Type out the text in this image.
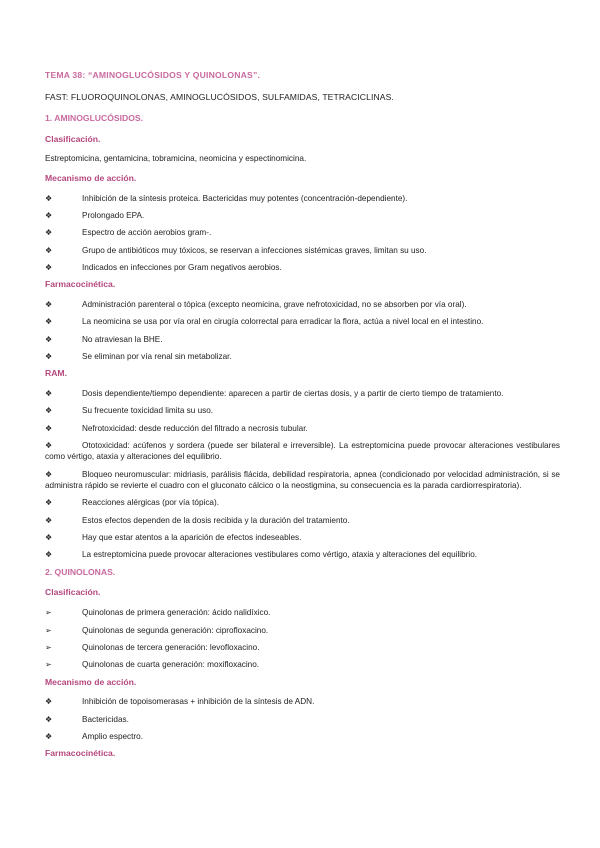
TEMA 38: “AMINOGLUCÓSIDOS Y QUINOLONAS”.
FAST: FLUOROQUINOLONAS, AMINOGLUCÓSIDOS, SULFAMIDAS, TETRACICLINAS.
1. AMINOGLUCÓSIDOS.
Clasificación.
Estreptomicina, gentamicina, tobramicina, neomicina y espectinomicina.
Mecanismo de acción.
❖	Inhibición de la síntesis proteica. Bactericidas muy potentes (concentración-dependiente).
❖	Prolongado EPA.
❖	Espectro de acción aerobios gram-.
❖	Grupo de antibióticos muy tóxicos, se reservan a infecciones sistémicas graves, limitan su uso.
❖	Indicados en infecciones por Gram negativos aerobios.
Farmacocinética.
❖	Administración parenteral o tópica (excepto neomicina, grave nefrotoxicidad, no se absorben por vía oral).
❖	La neomicina se usa por vía oral en cirugía colorrectal para erradicar la flora, actúa a nivel local en el intestino.
❖	No atraviesan la BHE.
❖	Se eliminan por vía renal sin metabolizar.
RAM.
❖	Dosis dependiente/tiempo dependiente: aparecen a partir de ciertas dosis, y a partir de cierto tiempo de tratamiento.
❖	Su frecuente toxicidad limita su uso.
❖	Nefrotoxicidad: desde reducción del filtrado a necrosis tubular.
❖	Ototoxicidad: acúfenos y sordera (puede ser bilateral e irreversible). La estreptomicina puede provocar alteraciones vestibulares como vértigo, ataxia y alteraciones del equilibrio.
❖	Bloqueo neuromuscular: midriasis, parálisis flácida, debilidad respiratoria, apnea (condicionado por velocidad administración, si se administra rápido se revierte el cuadro con el gluconato cálcico o la neostigmina, su consecuencia es la parada cardiorrespiratoria).
❖	Reacciones alérgicas (por vía tópica).
❖	Estos efectos dependen de la dosis recibida y la duración del tratamiento.
❖	Hay que estar atentos a la aparición de efectos indeseables.
❖	La estreptomicina puede provocar alteraciones vestibulares como vértigo, ataxia y alteraciones del equilibrio.
2. QUINOLONAS.
Clasificación.
➢	Quinolonas de primera generación: ácido nalidíxico.
➢	Quinolonas de segunda generación: ciprofloxacino.
➢	Quinolonas de tercera generación: levofloxacino.
➢	Quinolonas de cuarta generación: moxifloxacino.
Mecanismo de acción.
❖	Inhibición de topoisomerasas + inhibición de la síntesis de ADN.
❖	Bactericidas.
❖	Amplio espectro.
Farmacocinética.
